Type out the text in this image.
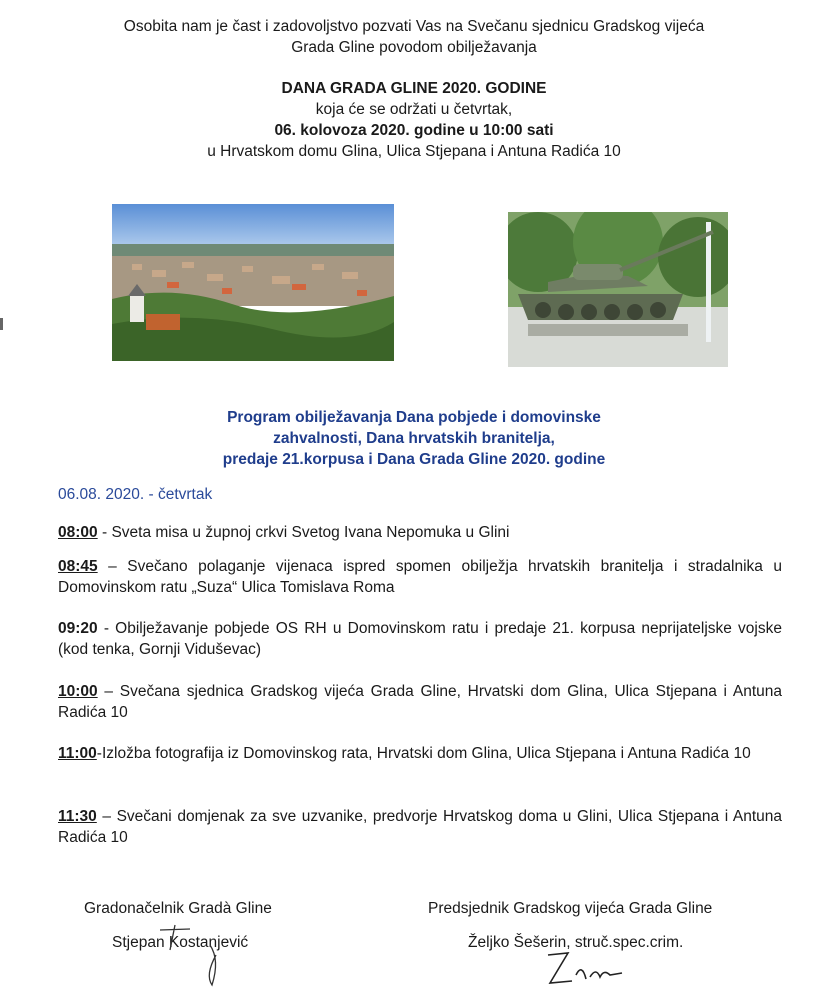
Osobita nam je čast i zadovoljstvo pozvati Vas na Svečanu sjednicu Gradskog vijeća
Grada Gline povodom obilježavanja
DANA GRADA GLINE 2020. GODINE
koja će se održati u četvrtak,
06. kolovoza 2020. godine u 10:00 sati
u Hrvatskom domu Glina, Ulica Stjepana i Antuna Radića 10
Program obilježavanja Dana pobjede i domovinske
zahvalnosti, Dana hrvatskih branitelja,
predaje 21.korpusa i Dana Grada Gline 2020. godine
06.08. 2020. - četvrtak
08:00 - Sveta misa u župnoj crkvi Svetog Ivana Nepomuka u Glini
08:45 – Svečano polaganje vijenaca ispred spomen obilježja hrvatskih branitelja i stradalnika u Domovinskom ratu „Suza“ Ulica Tomislava Roma
09:20 - Obilježavanje pobjede OS RH u Domovinskom ratu i predaje 21. korpusa neprijateljske vojske (kod tenka, Gornji Viduševac)
10:00 – Svečana sjednica Gradskog vijeća Grada Gline, Hrvatski dom Glina, Ulica Stjepana i Antuna Radića 10
11:00-Izložba fotografija iz Domovinskog rata, Hrvatski dom Glina, Ulica Stjepana i Antuna Radića 10
11:30 – Svečani domjenak za sve uzvanike, predvorje Hrvatskog doma u Glini, Ulica Stjepana i Antuna Radića 10
Gradonačelnik Gradà Gline
Stjepan Kostanjević
Predsjednik Gradskog vijeća Grada Gline
Željko Šešerin, struč.spec.crim.
